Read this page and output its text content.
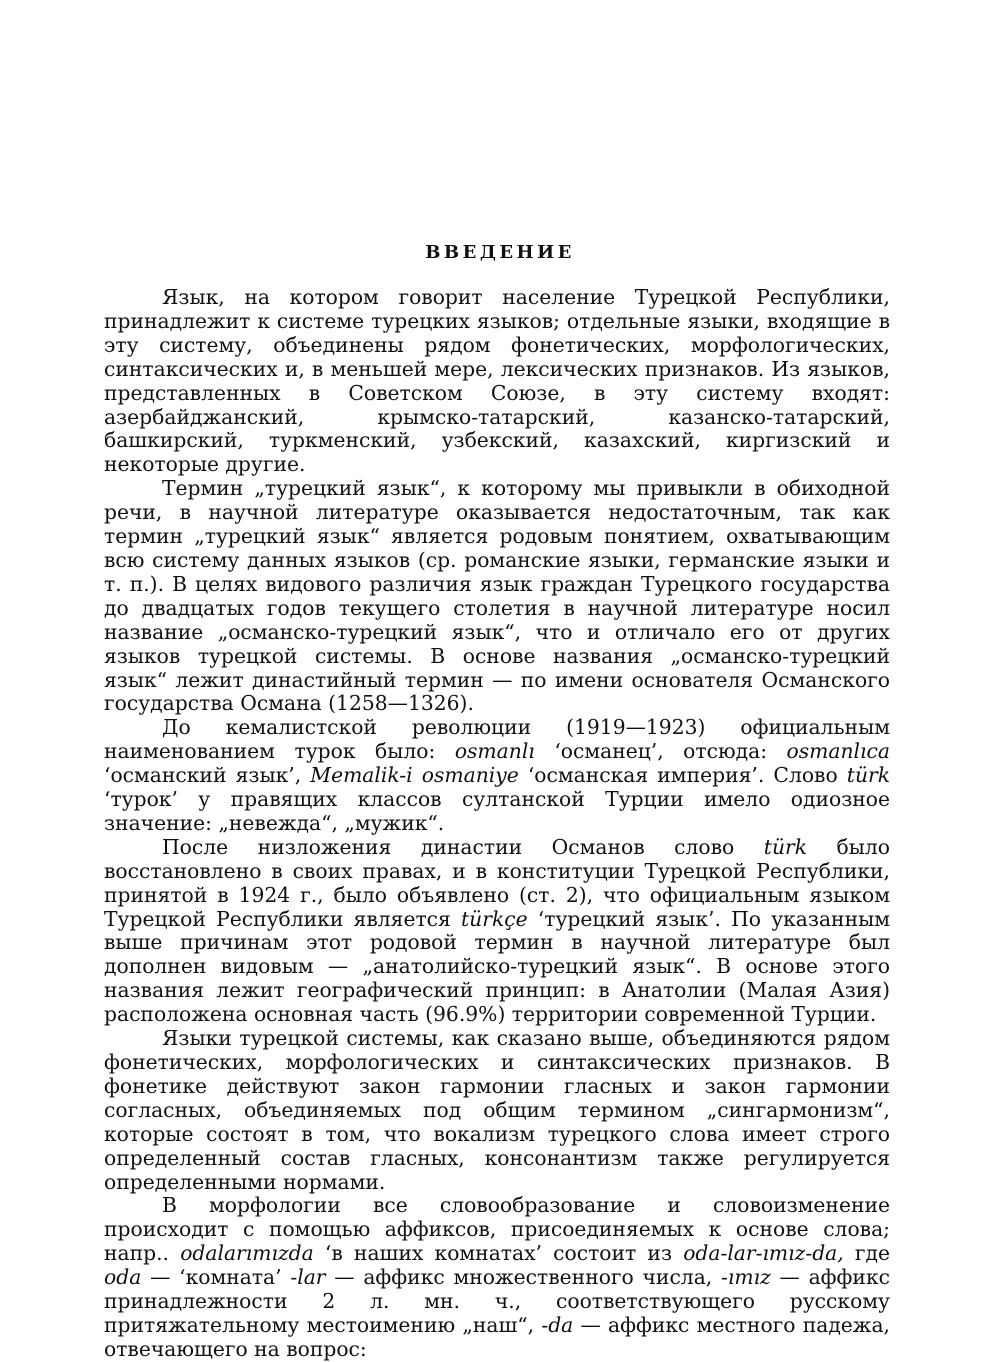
ВВЕДЕНИЕ

Язык, на котором говорит население Турецкой Республики, принадлежит к системе турецких языков; отдельные языки, входящие в эту систему, объединены рядом фонетических, морфологических, синтаксических и, в меньшей мере, лексических признаков. Из языков, представленных в Советском Союзе, в эту систему входят: азербайджанский, крымско-татарский, казанско-татарский, башкирский, туркменский, узбекский, казахский, киргизский и некоторые другие.

Термин „турецкий язык“, к которому мы привыкли в обиходной речи, в научной литературе оказывается недостаточным, так как термин „турецкий язык“ является родовым понятием, охватывающим всю систему данных языков (ср. романские языки, германские языки и т. п.). В целях видового различия язык граждан Турецкого государства до двадцатых годов текущего столетия в научной литературе носил название „османско-турецкий язык“, что и отличало его от других языков турецкой системы. В основе названия „османско-турецкий язык“ лежит династийный термин — по имени основателя Османского государства Османа (1258—1326).

До кемалистской революции (1919—1923) официальным наименованием турок было: osmanlı ‘османец’, отсюда: osmanlıca ‘османский язык’, Memalik-i osmaniye ‘османская империя’. Слово türk ‘турок’ у правящих классов султанской Турции имело одиозное значение: „невежда“, „мужик“.

После низложения династии Османов слово türk было восстановлено в своих правах, и в конституции Турецкой Республики, принятой в 1924 г., было объявлено (ст. 2), что официальным языком Турецкой Республики является türkçe ‘турецкий язык’. По указанным выше причинам этот родовой термин в научной литературе был дополнен видовым — „анатолийско-турецкий язык“. В основе этого названия лежит географический принцип: в Анатолии (Малая Азия) расположена основная часть (96.9%) территории современной Турции.

Языки турецкой системы, как сказано выше, объединяются рядом фонетических, морфологических и синтаксических признаков. В фонетике действуют закон гармонии гласных и закон гармонии согласных, объединяемых под общим термином „сингармонизм“, которые состоят в том, что вокализм турецкого слова имеет строго определенный состав гласных, консонантизм также регулируется определенными нормами.

В морфологии все словообразование и словоизменение происходит с помощью аффиксов, присоединяемых к основе слова; напр.. odalarımızda ‘в наших комнатах’ состоит из oda-lar-ımız-da, где oda — ‘комната’ -lar — аффикс множественного числа, -ımız — аффикс принадлежности 2 л. мн. ч., соответствующего русскому притяжательному местоимению „наш“, -da — аффикс местного падежа, отвечающего на вопрос:
